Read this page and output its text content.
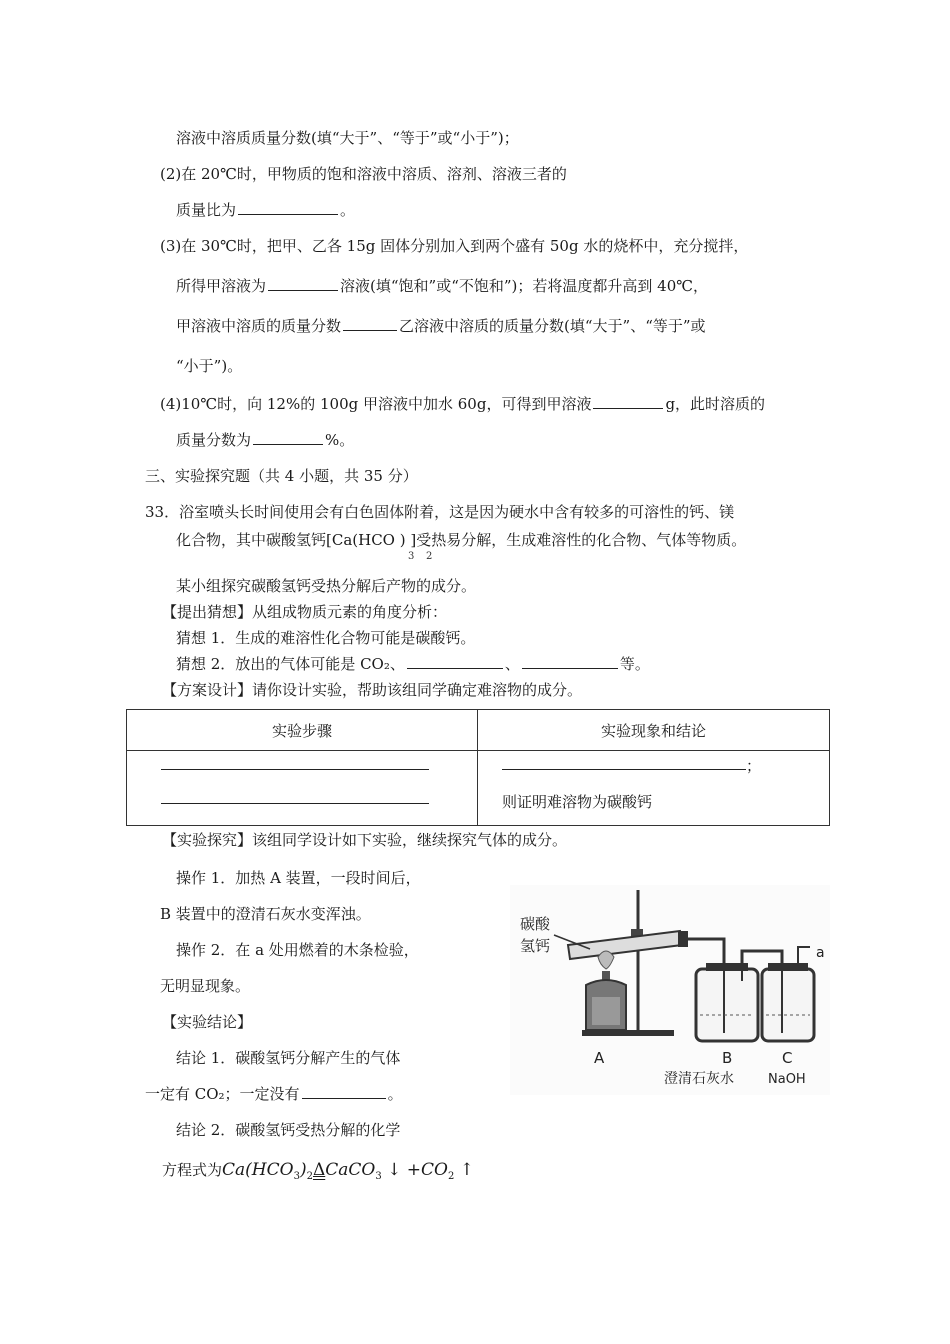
溶液中溶质质量分数(填“大于”、“等于”或“小于”)；
(2)在 20℃时，甲物质的饱和溶液中溶质、溶剂、溶液三者的
质量比为	。
(3)在 30℃时，把甲、乙各 15g 固体分别加入到两个盛有 50g 水的烧杯中，充分搅拌，
所得甲溶液为	溶液(填“饱和”或“不饱和”)；若将温度都升高到 40℃，
甲溶液中溶质的质量分数	乙溶液中溶质的质量分数(填“大于”、“等于”或
“小于”)。
(4)10℃时，向 12%的 100g 甲溶液中加水 60g，可得到甲溶液	g，此时溶质的
质量分数为	%。
三、实验探究题（共 4 小题，共 35 分）
33．浴室喷头长时间使用会有白色固体附着，这是因为硬水中含有较多的可溶性的钙、镁
化合物，其中碳酸氢钙[Ca(HCO ) ]受热易分解，生成难溶性的化合物、气体等物质。
3 2
某小组探究碳酸氢钙受热分解后产物的成分。
【提出猜想】从组成物质元素的角度分析：
猜想 1．生成的难溶性化合物可能是碳酸钙。
猜想 2．放出的气体可能是 CO₂、	、	等。
【方案设计】请你设计实验，帮助该组同学确定难溶物的成分。
实验步骤	实验现象和结论

	；
则证明难溶物为碳酸钙
【实验探究】该组同学设计如下实验，继续探究气体的成分。
操作 1．加热 A 装置，一段时间后，
B 装置中的澄清石灰水变浑浊。
操作 2．在 a 处用燃着的木条检验，
无明显现象。
【实验结论】
结论 1．碳酸氢钙分解产生的气体
一定有 CO₂；一定没有	。
结论 2．碳酸氢钙受热分解的化学
方程式为$Ca(HCO_3)_2\Delta CaCO_3$ ↓ $+CO_2$ ↑
碳酸
氢钙	a
A	B	C
澄清石灰水	NaOH
